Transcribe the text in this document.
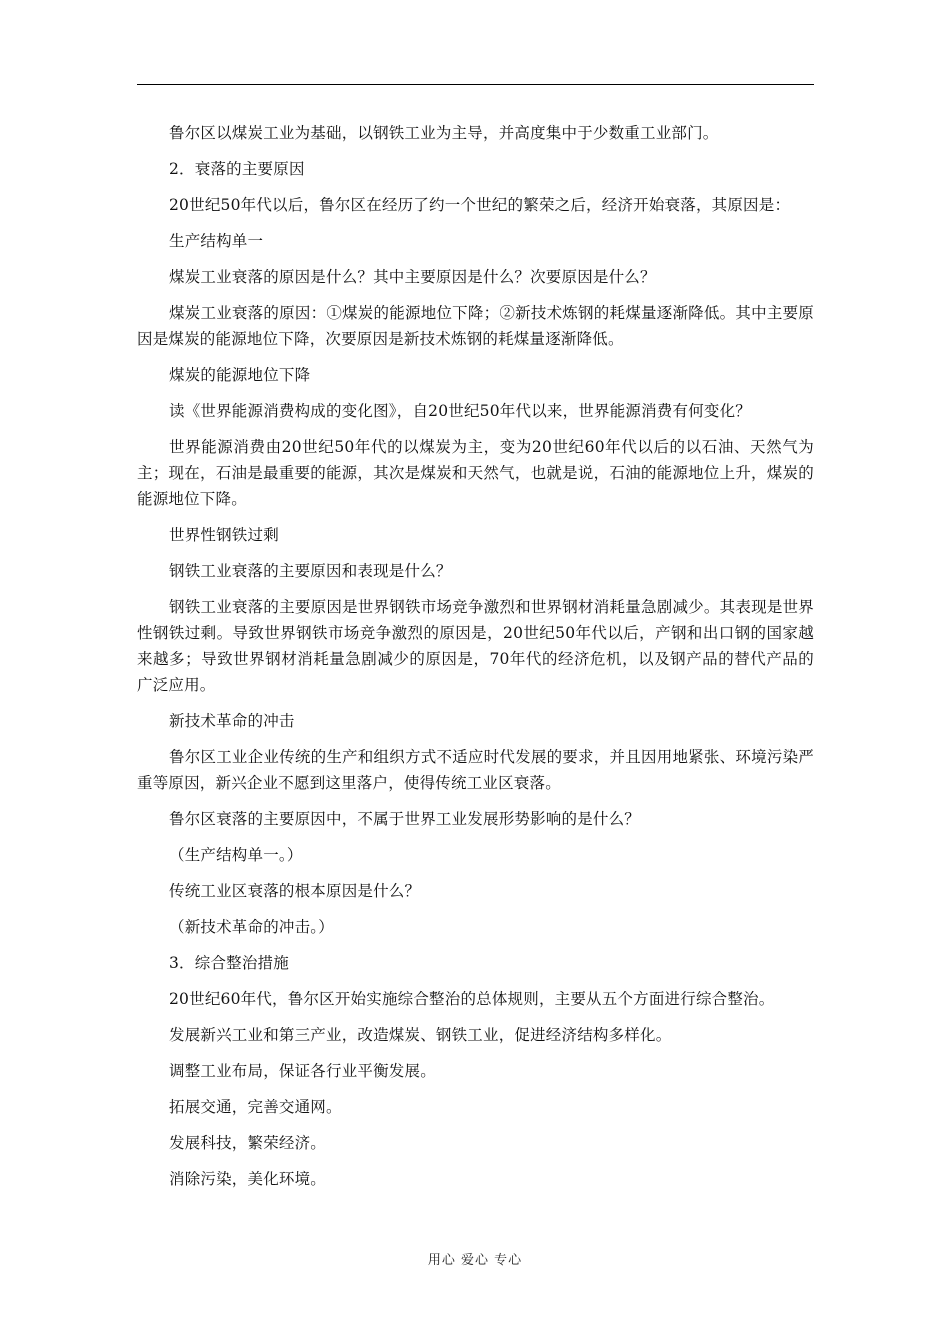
鲁尔区以煤炭工业为基础，以钢铁工业为主导，并高度集中于少数重工业部门。

2．衰落的主要原因

20世纪50年代以后，鲁尔区在经历了约一个世纪的繁荣之后，经济开始衰落，其原因是：

生产结构单一

煤炭工业衰落的原因是什么？其中主要原因是什么？次要原因是什么？

煤炭工业衰落的原因：①煤炭的能源地位下降；②新技术炼钢的耗煤量逐渐降低。其中主要原因是煤炭的能源地位下降，次要原因是新技术炼钢的耗煤量逐渐降低。

煤炭的能源地位下降

读《世界能源消费构成的变化图》，自20世纪50年代以来，世界能源消费有何变化？

世界能源消费由20世纪50年代的以煤炭为主，变为20世纪60年代以后的以石油、天然气为主；现在，石油是最重要的能源，其次是煤炭和天然气，也就是说，石油的能源地位上升，煤炭的能源地位下降。

世界性钢铁过剩

钢铁工业衰落的主要原因和表现是什么？

钢铁工业衰落的主要原因是世界钢铁市场竞争激烈和世界钢材消耗量急剧减少。其表现是世界性钢铁过剩。导致世界钢铁市场竞争激烈的原因是，20世纪50年代以后，产钢和出口钢的国家越来越多；导致世界钢材消耗量急剧减少的原因是，70年代的经济危机，以及钢产品的替代产品的广泛应用。

新技术革命的冲击

鲁尔区工业企业传统的生产和组织方式不适应时代发展的要求，并且因用地紧张、环境污染严重等原因，新兴企业不愿到这里落户，使得传统工业区衰落。

鲁尔区衰落的主要原因中，不属于世界工业发展形势影响的是什么？

（生产结构单一。）

传统工业区衰落的根本原因是什么？

（新技术革命的冲击。）

3．综合整治措施

20世纪60年代，鲁尔区开始实施综合整治的总体规则，主要从五个方面进行综合整治。

发展新兴工业和第三产业，改造煤炭、钢铁工业，促进经济结构多样化。

调整工业布局，保证各行业平衡发展。

拓展交通，完善交通网。

发展科技，繁荣经济。

消除污染，美化环境。

用心 爱心 专心
